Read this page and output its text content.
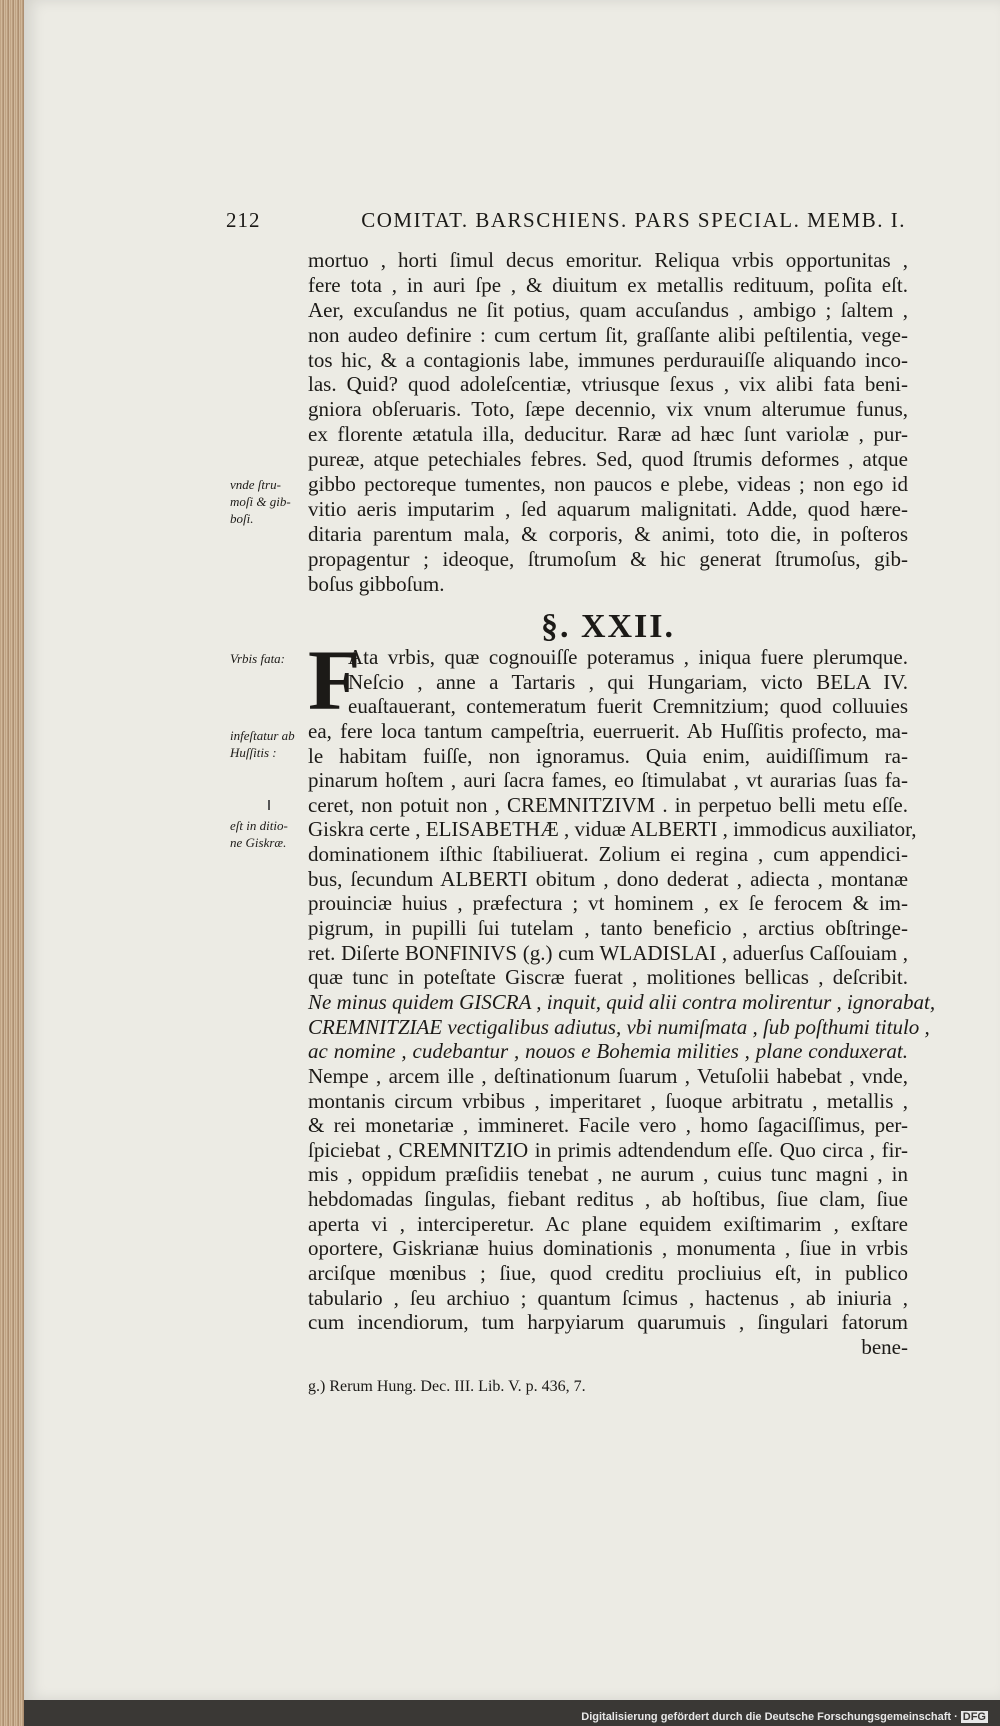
212	COMITAT. BARSCHIENS. PARS SPECIAL. MEMB. I.
mortuo , horti ſimul decus emoritur. Reliqua vrbis opportunitas ,
fere tota , in auri ſpe , & diuitum ex metallis redituum, poſita eſt.
Aer, excuſandus ne ſit potius, quam accuſandus , ambigo ; ſaltem ,
non audeo definire : cum certum ſit, graſſante alibi peſtilentia, vege-
tos hic, & a contagionis labe, immunes perdurauiſſe aliquando inco-
las. Quid? quod adoleſcentiæ, vtriusque ſexus , vix alibi fata beni-
gniora obſeruaris. Toto, ſæpe decennio, vix vnum alterumue funus,
ex florente ætatula illa, deducitur. Raræ ad hæc ſunt variolæ , pur-
pureæ, atque petechiales febres. Sed, quod ſtrumis deformes , atque
gibbo pectoreque tumentes, non paucos e plebe, videas ; non ego id
vitio aeris imputarim , ſed aquarum malignitati. Adde, quod hære-
ditaria parentum mala, & corporis, & animi, toto die, in poſteros
propagentur ; ideoque, ſtrumoſum & hic generat ſtrumoſus, gib-
boſus gibboſum.
vnde ſtru- moſi & gib- boſi.
§. XXII.
F
Vrbis fata:
infeſtatur ab Huſſitis :
eſt in ditio- ne Giskræ.
Ata vrbis, quæ cognouiſſe poteramus , iniqua fuere plerumque.
Neſcio , anne a Tartaris , qui Hungariam, victo BELA IV.
euaſtauerant, contemeratum fuerit Cremnitzium; quod colluuies
ea, fere loca tantum campeſtria, euerruerit. Ab Huſſitis profecto, ma-
le habitam fuiſſe, non ignoramus. Quia enim, auidiſſimum ra-
pinarum hoſtem , auri ſacra fames, eo ſtimulabat , vt aurarias ſuas fa-
ceret, non potuit non , CREMNITZIVM . in perpetuo belli metu eſſe.
Giskra certe , ELISABETHÆ , viduæ ALBERTI , immodicus auxiliator,
dominationem iſthic ſtabiliuerat. Zolium ei regina , cum appendici-
bus, ſecundum ALBERTI obitum , dono dederat , adiecta , montanæ
prouinciæ huius , præfectura ; vt hominem , ex ſe ferocem & im-
pigrum, in pupilli ſui tutelam , tanto beneficio , arctius obſtringe-
ret. Diſerte BONFINIVS (g.) cum WLADISLAI , aduerſus Caſſouiam ,
quæ tunc in poteſtate Giscræ fuerat , molitiones bellicas , deſcribit.
Ne minus quidem GISCRA , inquit, quid alii contra molirentur , ignorabat,
CREMNITZIAE vectigalibus adiutus, vbi numiſmata , ſub poſthumi titulo ,
ac nomine , cudebantur , nouos e Bohemia milities , plane conduxerat.
Nempe , arcem ille , deſtinationum ſuarum , Vetuſolii habebat , vnde,
montanis circum vrbibus , imperitaret , ſuoque arbitratu , metallis ,
& rei monetariæ , immineret. Facile vero , homo ſagaciſſimus, per-
ſpiciebat , CREMNITZIO in primis adtendendum eſſe. Quo circa , fir-
mis , oppidum præſidiis tenebat , ne aurum , cuius tunc magni , in
hebdomadas ſingulas, fiebant reditus , ab hoſtibus, ſiue clam, ſiue
aperta vi , interciperetur. Ac plane equidem exiſtimarim , exſtare
oportere, Giskrianæ huius dominationis , monumenta , ſiue in vrbis
arciſque mœnibus ; ſiue, quod creditu procliuius eſt, in publico
tabulario , ſeu archiuo ; quantum ſcimus , hactenus , ab iniuria ,
cum incendiorum, tum harpyiarum quarumuis , ſingulari fatorum
bene-
g.) Rerum Hung. Dec. III. Lib. V. p. 436, 7.
Digitalisierung gefördert durch die Deutsche Forschungsgemeinschaft · DFG
